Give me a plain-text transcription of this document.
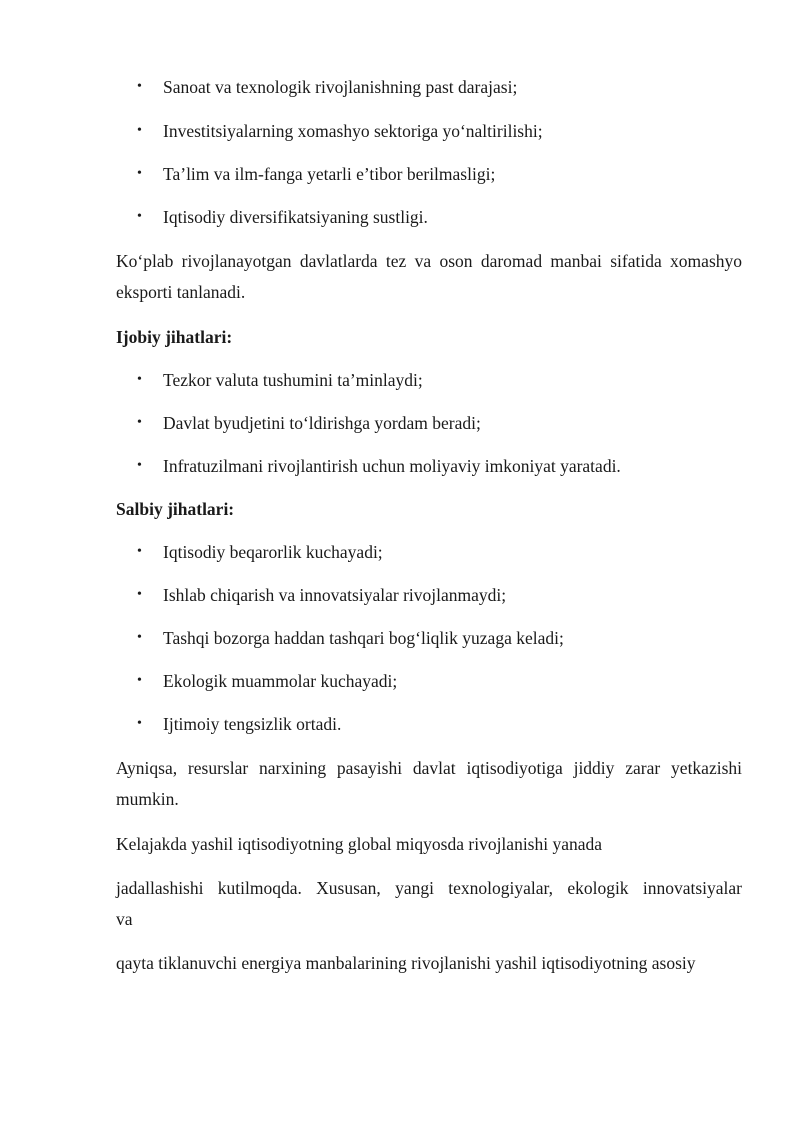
• Sanoat va texnologik rivojlanishning past darajasi;
• Investitsiyalarning xomashyo sektoriga yo‘naltirilishi;
• Ta’lim va ilm-fanga yetarli e’tibor berilmasligi;
• Iqtisodiy diversifikatsiyaning sustligi.
Ko‘plab rivojlanayotgan davlatlarda tez va oson daromad manbai sifatida xomashyo eksporti tanlanadi.
Ijobiy jihatlari:
• Tezkor valuta tushumini ta’minlaydi;
• Davlat byudjetini to‘ldirishga yordam beradi;
• Infratuzilmani rivojlantirish uchun moliyaviy imkoniyat yaratadi.
Salbiy jihatlari:
• Iqtisodiy beqarorlik kuchayadi;
• Ishlab chiqarish va innovatsiyalar rivojlanmaydi;
• Tashqi bozorga haddan tashqari bog‘liqlik yuzaga keladi;
• Ekologik muammolar kuchayadi;
• Ijtimoiy tengsizlik ortadi.
Ayniqsa, resurslar narxining pasayishi davlat iqtisodiyotiga jiddiy zarar yetkazishi mumkin.
Kelajakda yashil iqtisodiyotning global miqyosda rivojlanishi yanada
jadallashishi kutilmoqda. Xususan, yangi texnologiyalar, ekologik innovatsiyalar
va
qayta tiklanuvchi energiya manbalarining rivojlanishi yashil iqtisodiyotning asosiy
